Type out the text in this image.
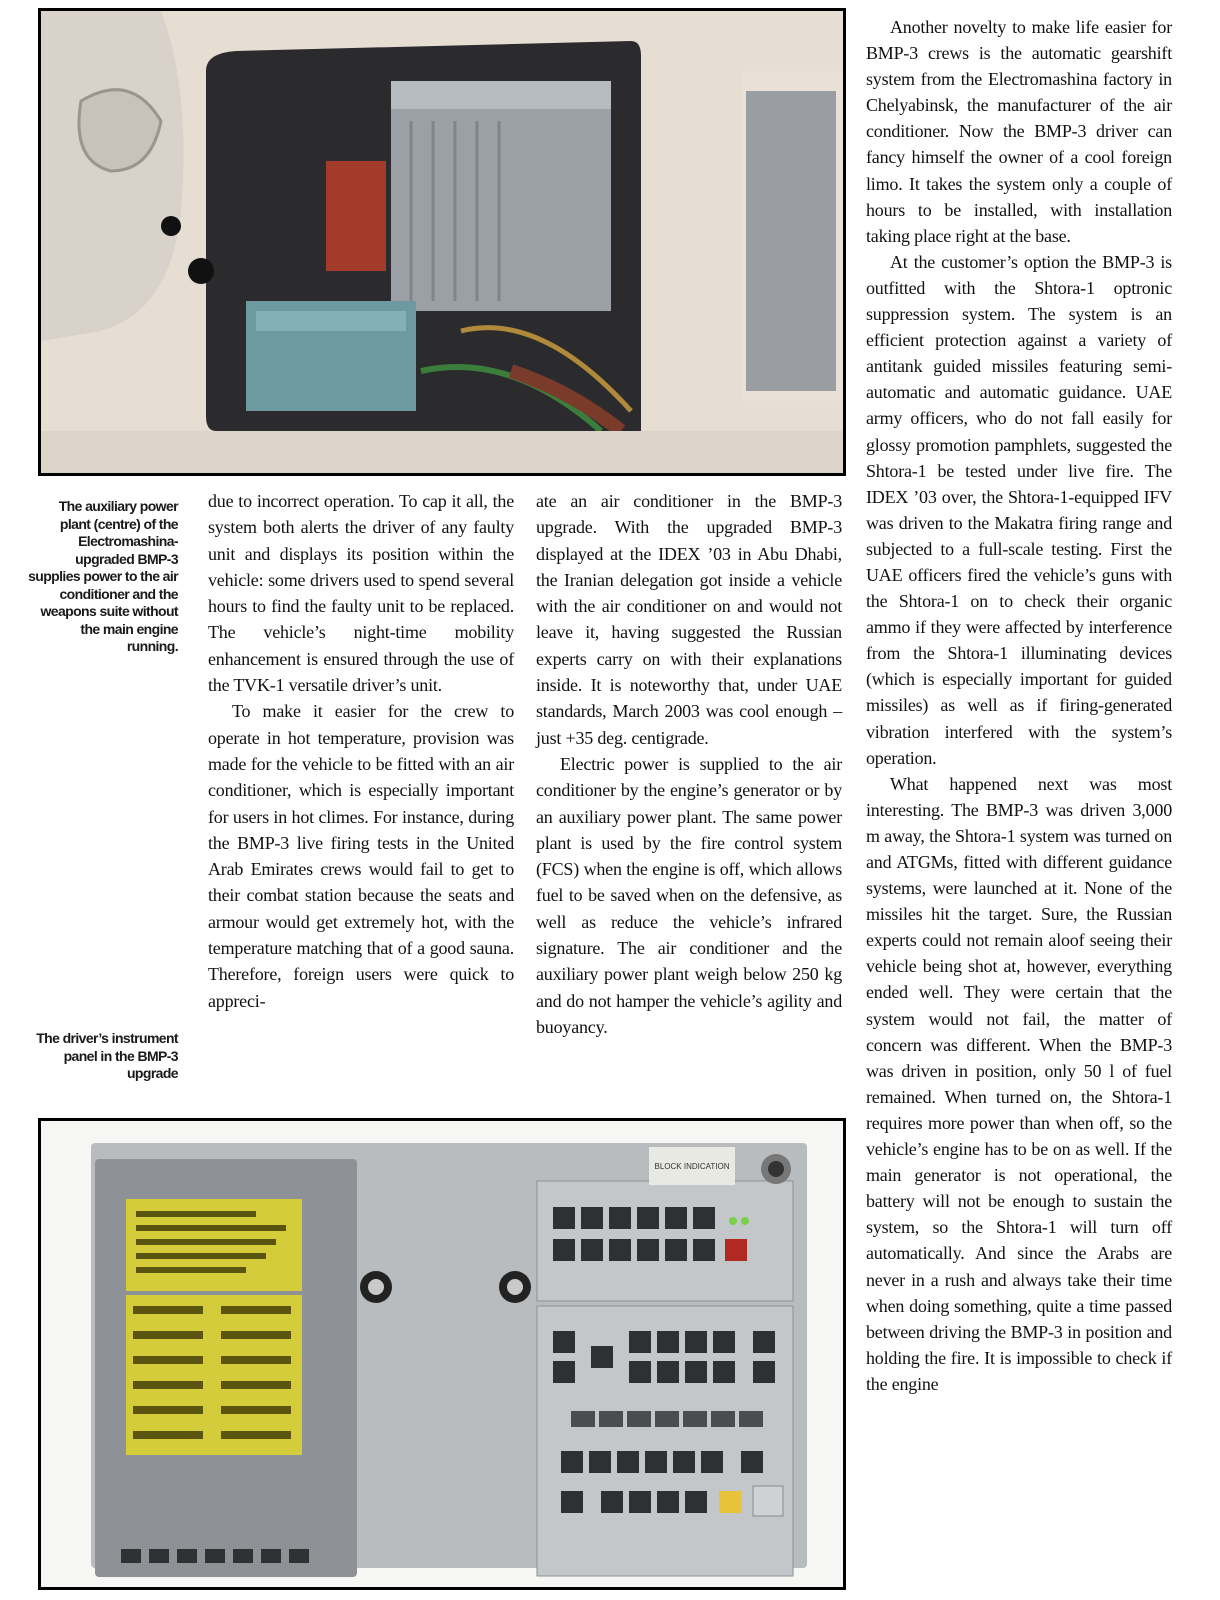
The auxiliary power plant (centre) of the Electromashina-upgraded BMP-3 supplies power to the air conditioner and the weapons suite without the main engine running.
The driver’s instrument panel in the BMP-3 upgrade

due to incorrect operation. To cap it all, the system both alerts the driver of any faulty unit and displays its position within the vehicle: some drivers used to spend several hours to find the faulty unit to be replaced. The vehicle’s night-time mobility enhancement is ensured through the use of the TVK-1 versatile driver’s unit.

To make it easier for the crew to operate in hot temperature, provision was made for the vehicle to be fitted with an air conditioner, which is especially important for users in hot climes. For instance, during the BMP-3 live firing tests in the United Arab Emirates crews would fail to get to their combat station because the seats and armour would get extremely hot, with the temperature matching that of a good sauna. Therefore, foreign users were quick to appreci-

ate an air conditioner in the BMP-3 upgrade. With the upgraded BMP-3 displayed at the IDEX ’03 in Abu Dhabi, the Iranian delegation got inside a vehicle with the air conditioner on and would not leave it, having suggested the Russian experts carry on with their explanations inside. It is noteworthy that, under UAE standards, March 2003 was cool enough – just +35 deg. centigrade.

Electric power is supplied to the air conditioner by the engine’s generator or by an auxiliary power plant. The same power plant is used by the fire control system (FCS) when the engine is off, which allows fuel to be saved when on the defensive, as well as reduce the vehicle’s infrared signature. The air conditioner and the auxiliary power plant weigh below 250 kg and do not hamper the vehicle’s agility and buoyancy.

Another novelty to make life easier for BMP-3 crews is the automatic gearshift system from the Electromashina factory in Chelyabinsk, the manufacturer of the air conditioner. Now the BMP-3 driver can fancy himself the owner of a cool foreign limo. It takes the system only a couple of hours to be installed, with installation taking place right at the base.

At the customer’s option the BMP-3 is outfitted with the Shtora-1 optronic suppression system. The system is an efficient protection against a variety of antitank guided missiles featuring semi-automatic and automatic guidance. UAE army officers, who do not fall easily for glossy promotion pamphlets, suggested the Shtora-1 be tested under live fire. The IDEX ’03 over, the Shtora-1-equipped IFV was driven to the Makatra firing range and subjected to a full-scale testing. First the UAE officers fired the vehicle’s guns with the Shtora-1 on to check their organic ammo if they were affected by interference from the Shtora-1 illuminating devices (which is especially important for guided missiles) as well as if firing-generated vibration interfered with the system’s operation.

What happened next was most interesting. The BMP-3 was driven 3,000 m away, the Shtora-1 system was turned on and ATGMs, fitted with different guidance systems, were launched at it. None of the missiles hit the target. Sure, the Russian experts could not remain aloof seeing their vehicle being shot at, however, everything ended well. They were certain that the system would not fail, the matter of concern was different. When the BMP-3 was driven in position, only 50 l of fuel remained. When turned on, the Shtora-1 requires more power than when off, so the vehicle’s engine has to be on as well. If the main generator is not operational, the battery will not be enough to sustain the system, so the Shtora-1 will turn off automatically. And since the Arabs are never in a rush and always take their time when doing something, quite a time passed between driving the BMP-3 in position and holding the fire. It is impossible to check if the engine

BLOCK INDICATION
